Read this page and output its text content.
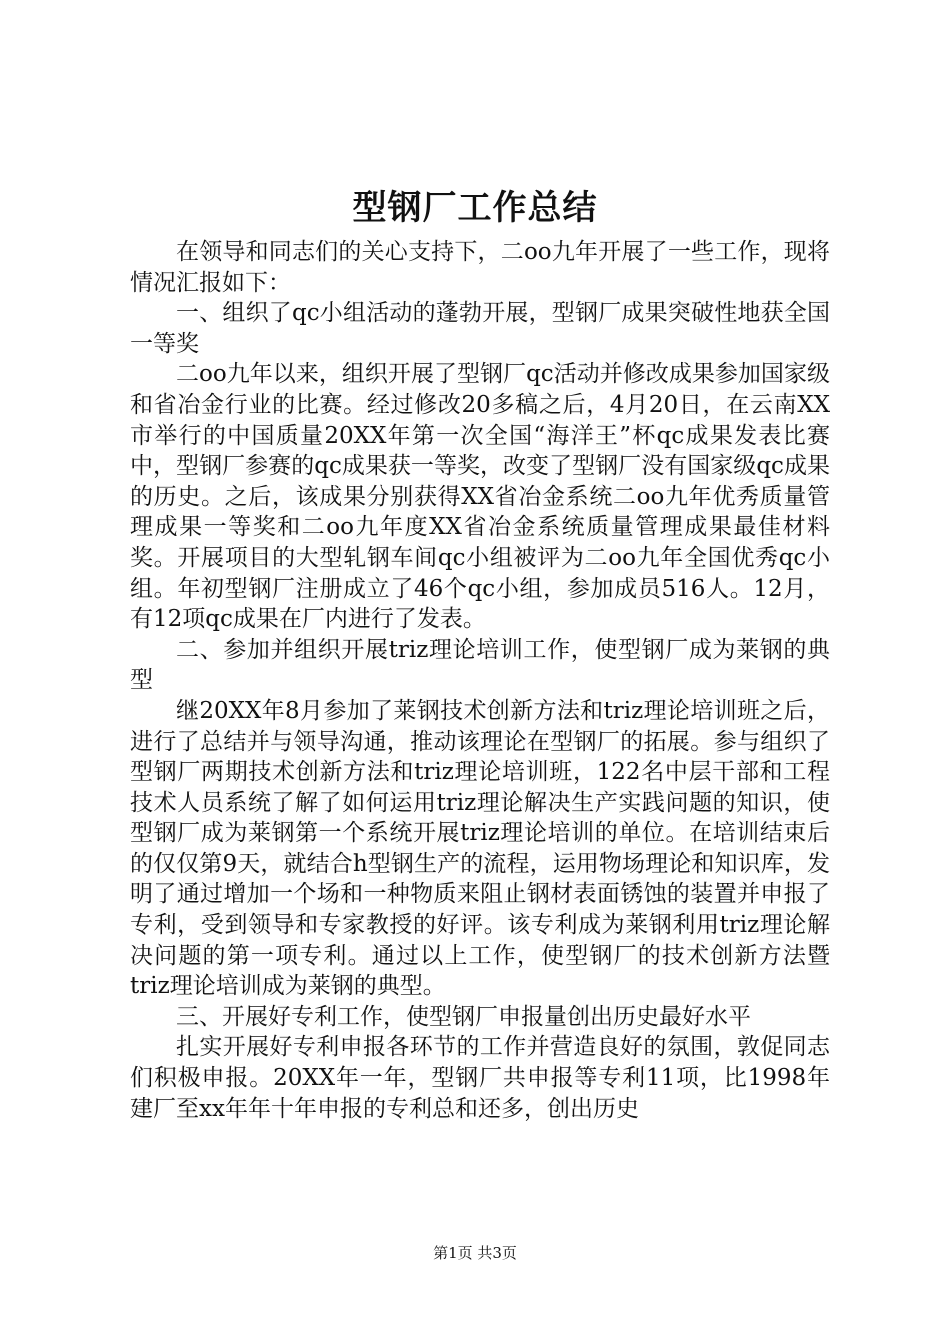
型钢厂工作总结

在领导和同志们的关心支持下，二oo九年开展了一些工作，现将情况汇报如下：

一、组织了qc小组活动的蓬勃开展，型钢厂成果突破性地获全国一等奖

二oo九年以来，组织开展了型钢厂qc活动并修改成果参加国家级和省冶金行业的比赛。经过修改20多稿之后，4月20日，在云南XX市举行的中国质量20XX年第一次全国“海洋王”杯qc成果发表比赛中，型钢厂参赛的qc成果获一等奖，改变了型钢厂没有国家级qc成果的历史。之后，该成果分别获得XX省冶金系统二oo九年优秀质量管理成果一等奖和二oo九年度XX省冶金系统质量管理成果最佳材料奖。开展项目的大型轧钢车间qc小组被评为二oo九年全国优秀qc小组。年初型钢厂注册成立了46个qc小组，参加成员516人。12月，有12项qc成果在厂内进行了发表。

二、参加并组织开展triz理论培训工作，使型钢厂成为莱钢的典型

继20XX年8月参加了莱钢技术创新方法和triz理论培训班之后，进行了总结并与领导沟通，推动该理论在型钢厂的拓展。参与组织了型钢厂两期技术创新方法和triz理论培训班，122名中层干部和工程技术人员系统了解了如何运用triz理论解决生产实践问题的知识，使型钢厂成为莱钢第一个系统开展triz理论培训的单位。在培训结束后的仅仅第9天，就结合h型钢生产的流程，运用物场理论和知识库，发明了通过增加一个场和一种物质来阻止钢材表面锈蚀的装置并申报了专利，受到领导和专家教授的好评。该专利成为莱钢利用triz理论解决问题的第一项专利。通过以上工作，使型钢厂的技术创新方法暨triz理论培训成为莱钢的典型。

三、开展好专利工作，使型钢厂申报量创出历史最好水平

扎实开展好专利申报各环节的工作并营造良好的氛围，敦促同志们积极申报。20XX年一年，型钢厂共申报等专利11项，比1998年建厂至xx年年十年申报的专利总和还多，创出历史

第1页 共3页
